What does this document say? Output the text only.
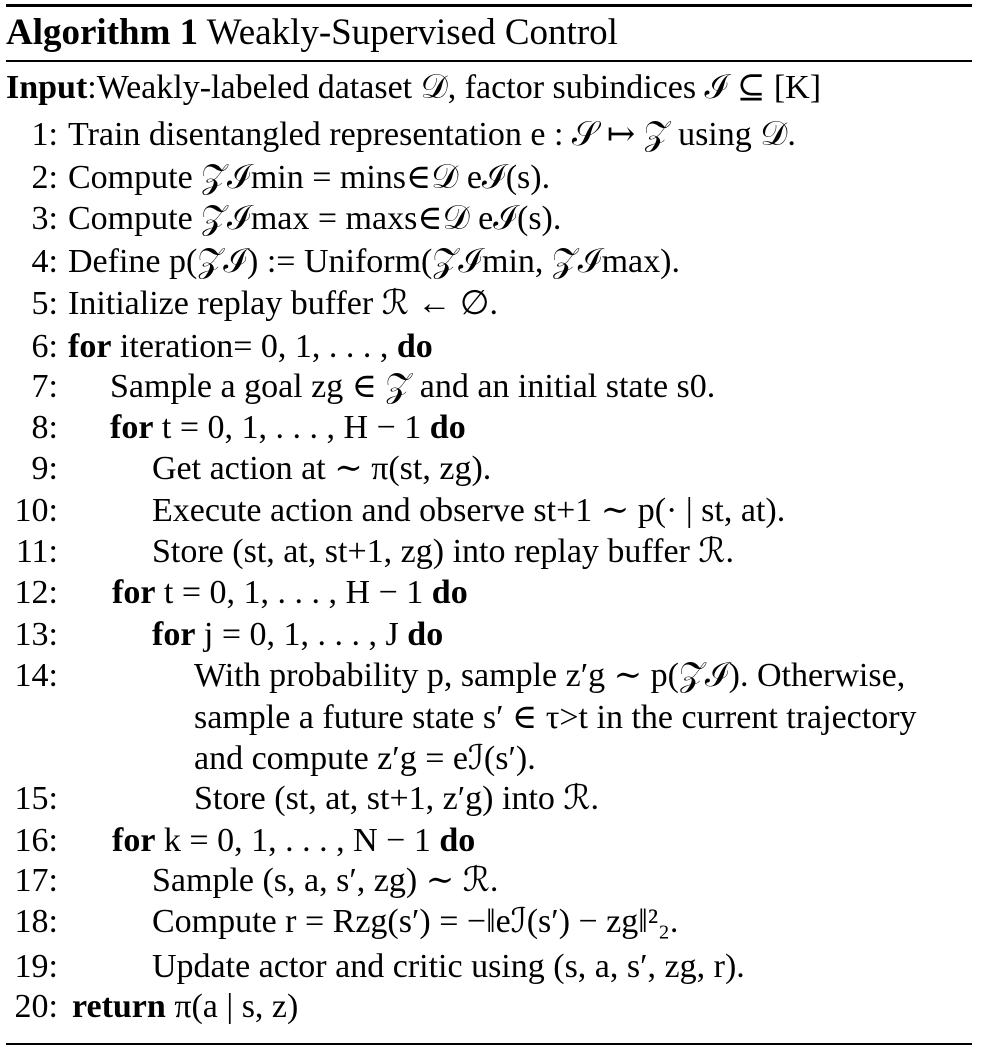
Algorithm 1 Weakly-Supervised Control
Input:Weakly-labeled dataset 𝒟, factor subindices ℐ ⊆ [K]
1: Train disentangled representation e : 𝒮 ↦ 𝒵 using 𝒟.
2: Compute 𝒵ℐmin = mins∈𝒟 eℐ(s).
3: Compute 𝒵ℐmax = maxs∈𝒟 eℐ(s).
4: Define p(𝒵ℐ) := Uniform(𝒵ℐmin, 𝒵ℐmax).
5: Initialize replay buffer ℛ ← ∅.
6: for iteration= 0, 1, . . . , do
7: Sample a goal zg ∈ 𝒵 and an initial state s0.
8: for t = 0, 1, . . . , H − 1 do
9:	Get action at ∼ π(st, zg).
10:	Execute action and observe st+1 ∼ p(· | st, at).
11:	Store (st, at, st+1, zg) into replay buffer ℛ.
12: for t = 0, 1, . . . , H − 1 do
13:	for j = 0, 1, . . . , J do
14:	With probability p, sample z′g ∼ p(𝒵ℐ). Otherwise,
sample a future state s′ ∈ τ>t in the current trajectory
and compute z′g = eℐ(s′).
15:	Store (st, at, st+1, z′g) into ℛ.
16: for k = 0, 1, . . . , N − 1 do
17:	Sample (s, a, s′, zg) ∼ ℛ.
18:	Compute r = Rzg(s′) = −‖eℐ(s′) − zg‖²₂.
19:	Update actor and critic using (s, a, s′, zg, r).
20: return π(a | s, z)
